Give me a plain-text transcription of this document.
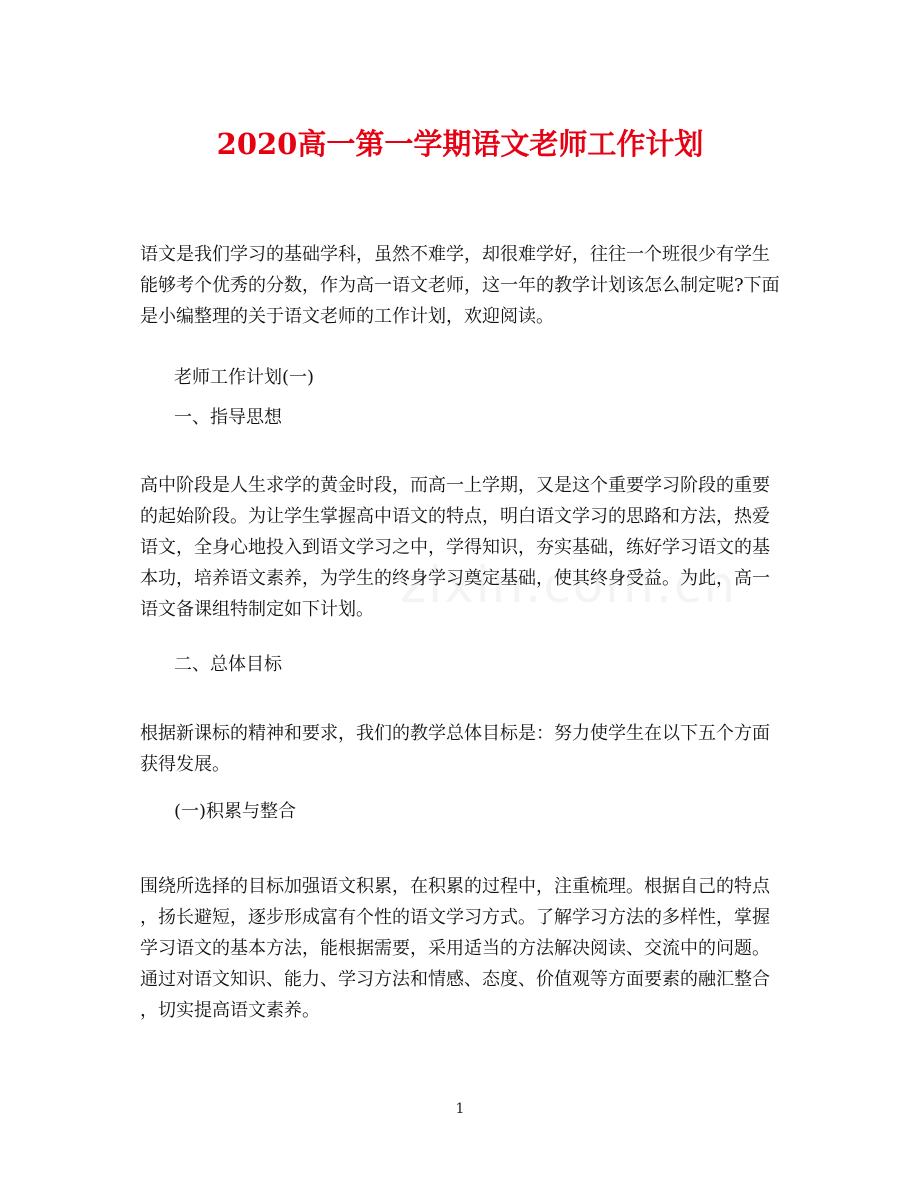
2020高一第一学期语文老师工作计划
语文是我们学习的基础学科，虽然不难学，却很难学好，往往一个班很少有学生
能够考个优秀的分数，作为高一语文老师，这一年的教学计划该怎么制定呢?下面
是小编整理的关于语文老师的工作计划，欢迎阅读。
老师工作计划(一)
一、指导思想
高中阶段是人生求学的黄金时段，而高一上学期，又是这个重要学习阶段的重要
的起始阶段。为让学生掌握高中语文的特点，明白语文学习的思路和方法，热爱
语文，全身心地投入到语文学习之中，学得知识，夯实基础，练好学习语文的基
本功，培养语文素养，为学生的终身学习奠定基础，使其终身受益。为此，高一
语文备课组特制定如下计划。
二、总体目标
根据新课标的精神和要求，我们的教学总体目标是：努力使学生在以下五个方面
获得发展。
(一)积累与整合
围绕所选择的目标加强语文积累，在积累的过程中，注重梳理。根据自己的特点
，扬长避短，逐步形成富有个性的语文学习方式。了解学习方法的多样性，掌握
学习语文的基本方法，能根据需要，采用适当的方法解决阅读、交流中的问题。
通过对语文知识、能力、学习方法和情感、态度、价值观等方面要素的融汇整合
，切实提高语文素养。
1
